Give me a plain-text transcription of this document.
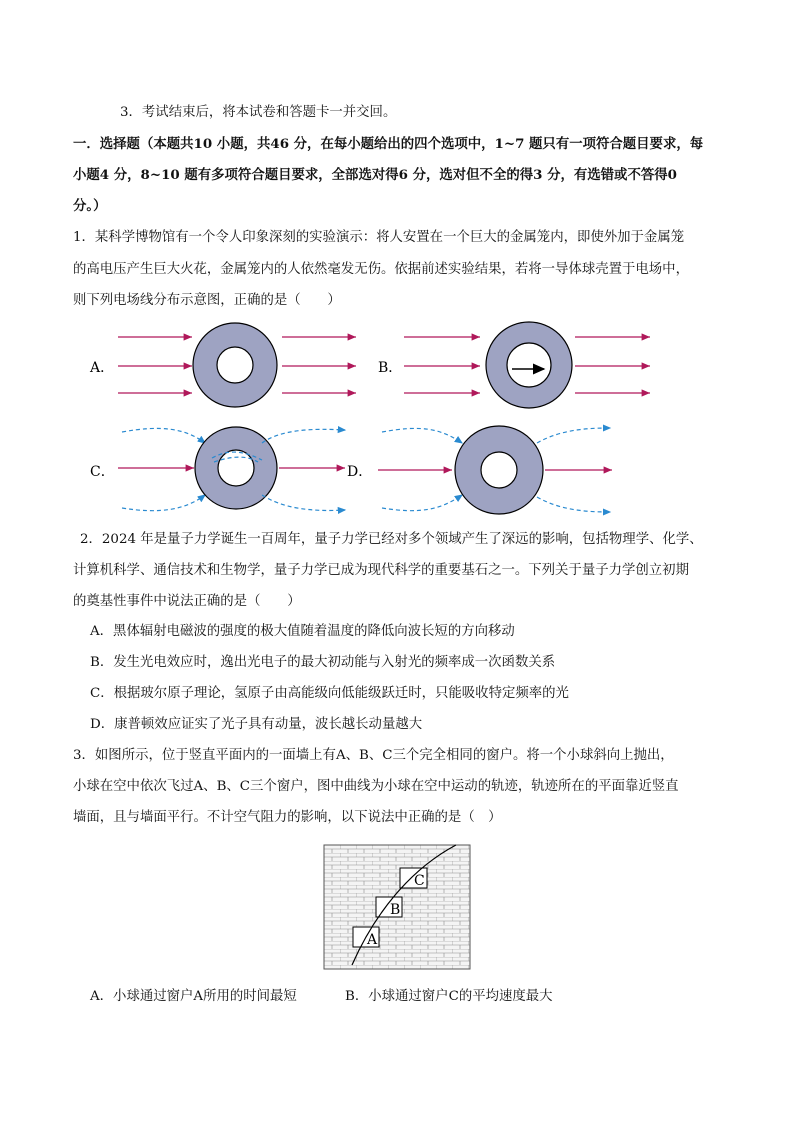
3．考试结束后，将本试卷和答题卡一并交回。
一．选择题（本题共10 小题，共46 分，在每小题给出的四个选项中，1~7 题只有一项符合题目要求，每
小题4 分，8~10 题有多项符合题目要求，全部选对得6 分，选对但不全的得3 分，有选错或不答得0
分。）
1．某科学博物馆有一个令人印象深刻的实验演示：将人安置在一个巨大的金属笼内，即使外加于金属笼
的高电压产生巨大火花，金属笼内的人依然毫发无伤。依据前述实验结果，若将一导体球壳置于电场中，
则下列电场线分布示意图，正确的是（　　）
A．	B．
C．	D．
2．2024 年是量子力学诞生一百周年，量子力学已经对多个领域产生了深远的影响，包括物理学、化学、
计算机科学、通信技术和生物学，量子力学已成为现代科学的重要基石之一。下列关于量子力学创立初期
的奠基性事件中说法正确的是（　　）
A．黑体辐射电磁波的强度的极大值随着温度的降低向波长短的方向移动
B．发生光电效应时，逸出光电子的最大初动能与入射光的频率成一次函数关系
C．根据玻尔原子理论，氢原子由高能级向低能级跃迁时，只能吸收特定频率的光
D．康普顿效应证实了光子具有动量，波长越长动量越大
3．如图所示，位于竖直平面内的一面墙上有A、B、C三个完全相同的窗户。将一个小球斜向上抛出，
小球在空中依次飞过A、B、C三个窗户，图中曲线为小球在空中运动的轨迹，轨迹所在的平面靠近竖直
墙面，且与墙面平行。不计空气阻力的影响，以下说法中正确的是（　）
A
B
C
A．小球通过窗户A所用的时间最短	B．小球通过窗户C的平均速度最大
